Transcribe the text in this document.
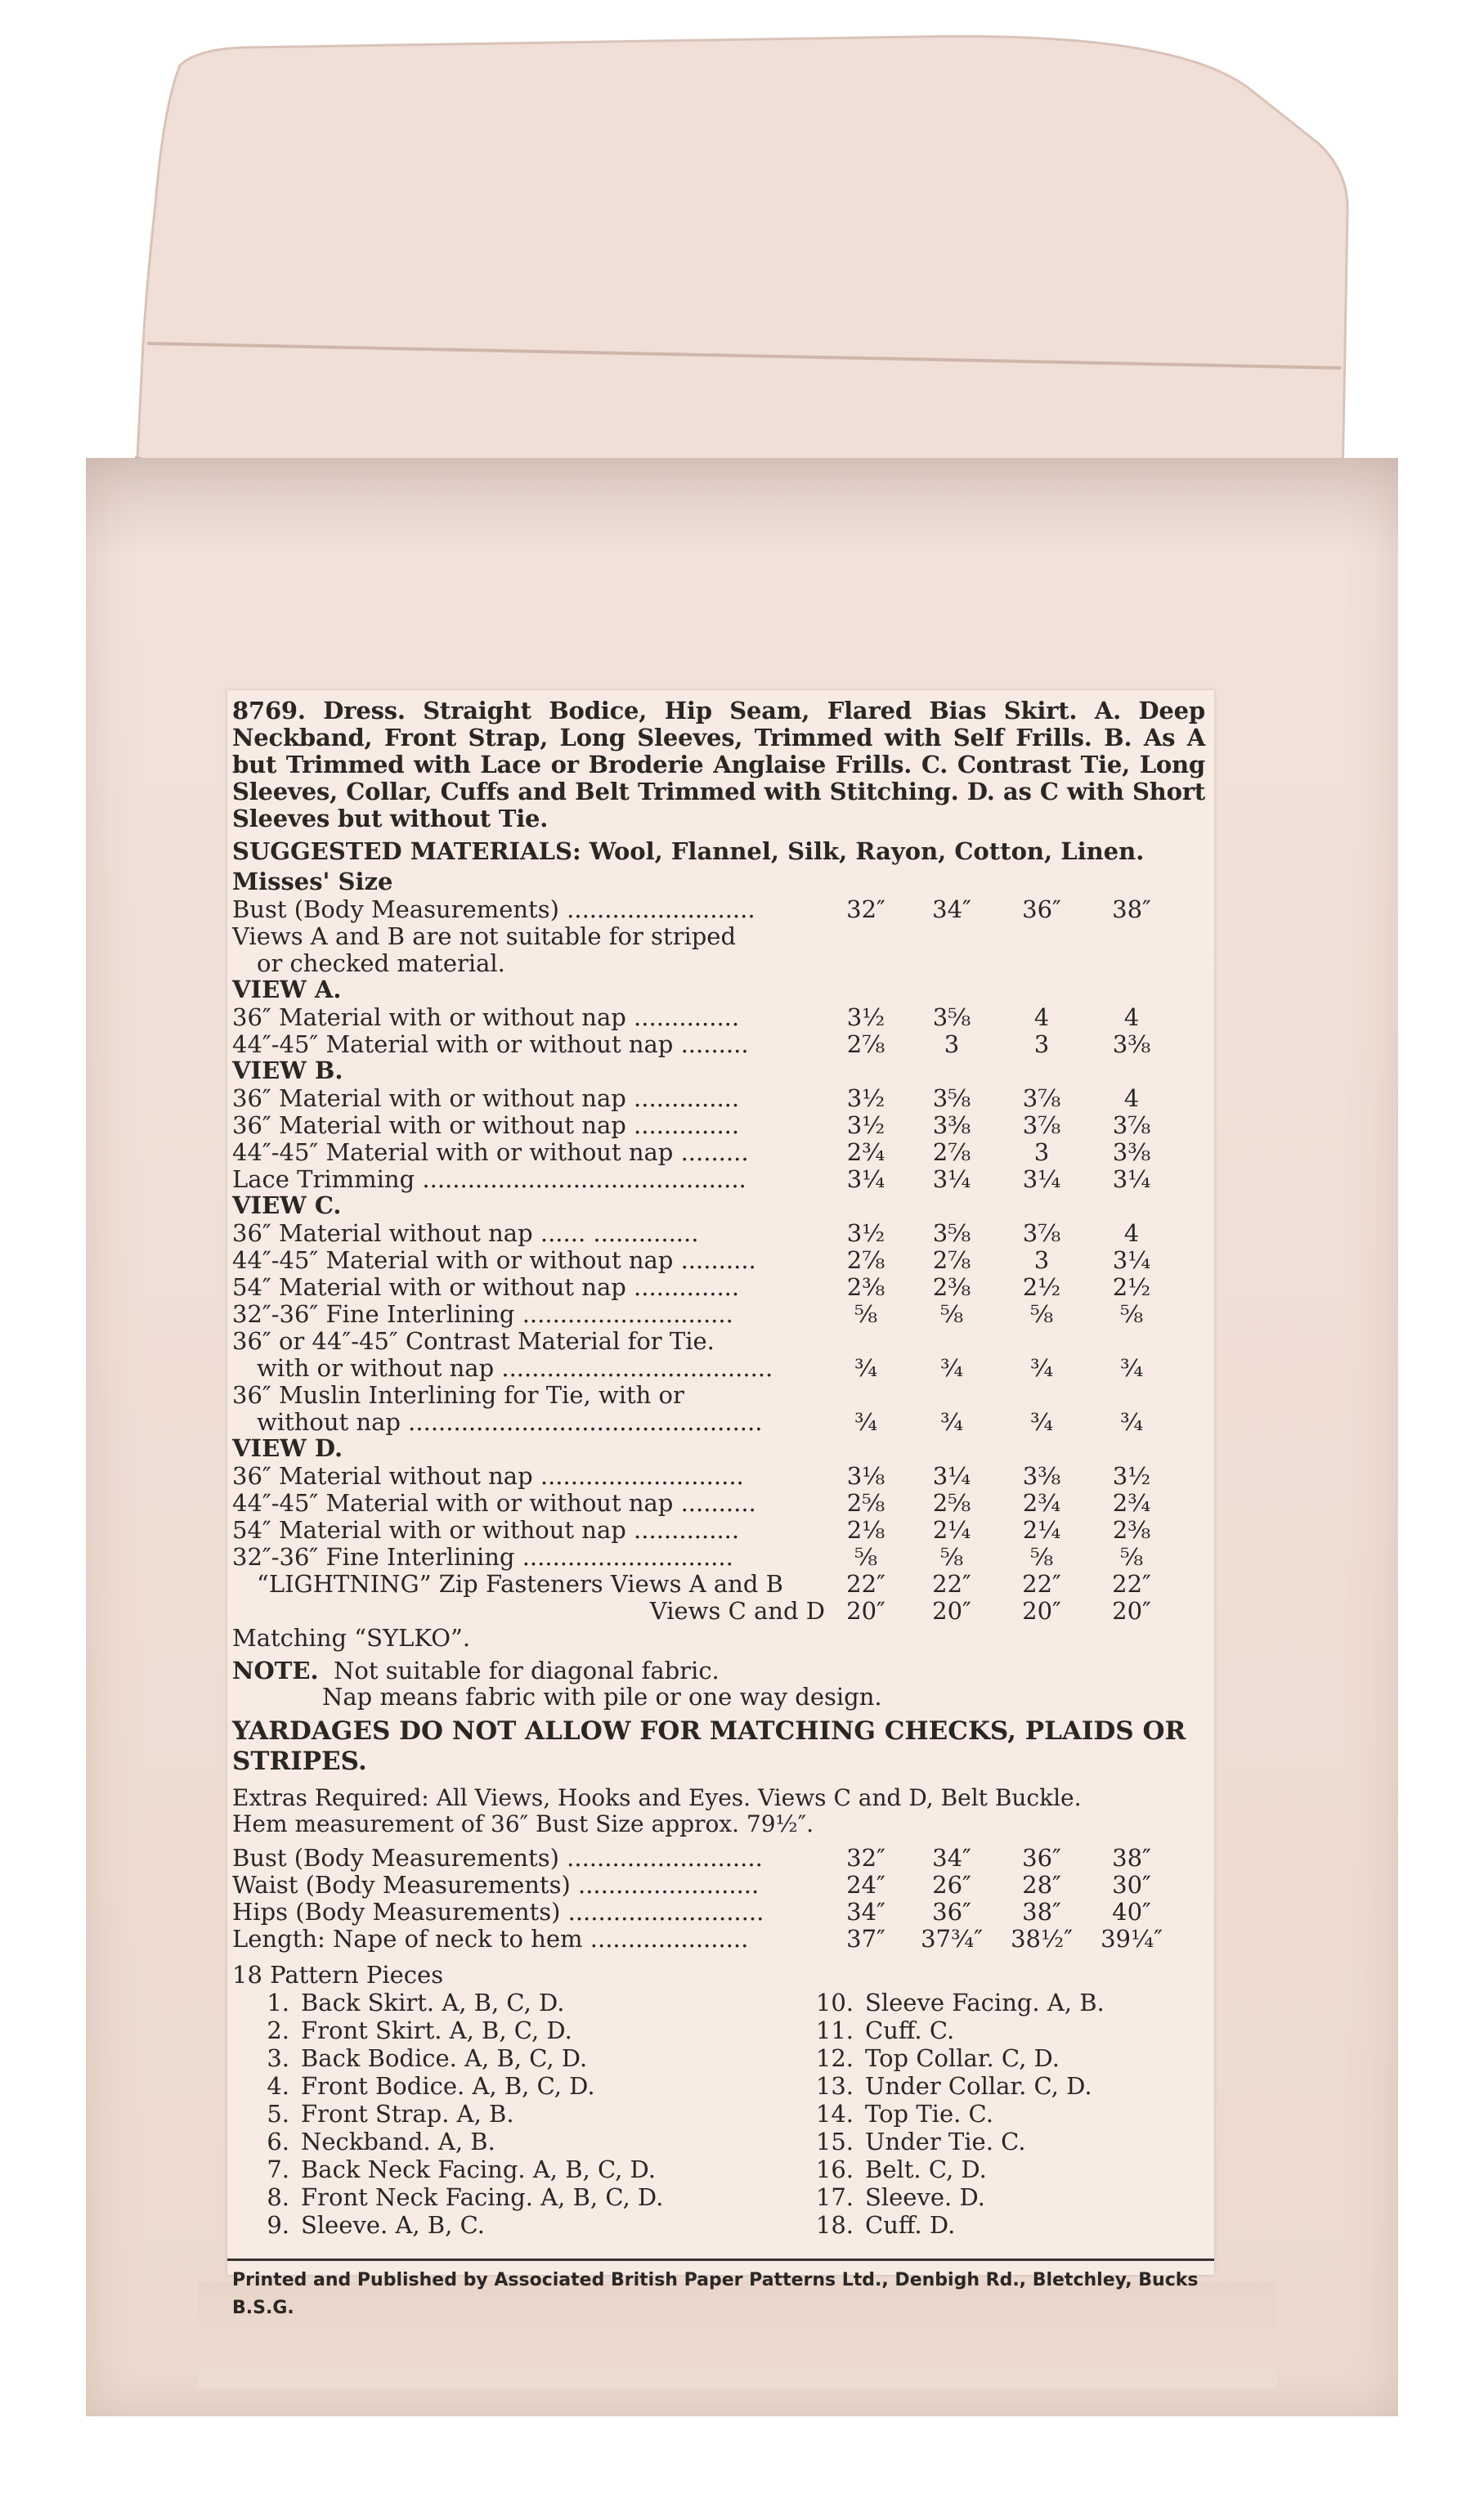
8769. Dress. Straight Bodice, Hip Seam, Flared Bias Skirt. A. Deep Neckband, Front Strap, Long Sleeves, Trimmed with Self Frills. B. As A but Trimmed with Lace or Broderie Anglaise Frills. C. Contrast Tie, Long Sleeves, Collar, Cuffs and Belt Trimmed with Stitching. D. as C with Short Sleeves but without Tie.

SUGGESTED MATERIALS: Wool, Flannel, Silk, Rayon, Cotton, Linen.
Misses' Size
Bust (Body Measurements) .........................	32″	34″	36″	38″
Views A and B are not suitable for striped
or checked material.
VIEW A.
36″ Material with or without nap ..............	3½	3⅝	4	4
44″-45″ Material with or without nap .........	2⅞	3	3	3⅜
VIEW B.
36″ Material with or without nap ..............	3½	3⅝	3⅞	4
36″ Material with or without nap ..............	3½	3⅜	3⅞	3⅞
44″-45″ Material with or without nap .........	2¾	2⅞	3	3⅜
Lace Trimming ...........................................	3¼	3¼	3¼	3¼
VIEW C.
36″ Material without nap ...... ..............	3½	3⅝	3⅞	4
44″-45″ Material with or without nap ..........	2⅞	2⅞	3	3¼
54″ Material with or without nap ..............	2⅜	2⅜	2½	2½
32″-36″ Fine Interlining ............................	⅝	⅝	⅝	⅝
36″ or 44″-45″ Contrast Material for Tie.
with or without nap ....................................	¾	¾	¾	¾
36″ Muslin Interlining for Tie, with or
without nap ...............................................	¾	¾	¾	¾
VIEW D.
36″ Material without nap ...........................	3⅛	3¼	3⅜	3½
44″-45″ Material with or without nap ..........	2⅝	2⅝	2¾	2¾
54″ Material with or without nap ..............	2⅛	2¼	2¼	2⅜
32″-36″ Fine Interlining ............................	⅝	⅝	⅝	⅝
“LIGHTNING” Zip Fasteners Views A and B	22″	22″	22″	22″
Views C and D 20″	20″	20″	20″
Matching “SYLKO”.
NOTE. Not suitable for diagonal fabric.
Nap means fabric with pile or one way design.
YARDAGES DO NOT ALLOW FOR MATCHING CHECKS, PLAIDS OR STRIPES.
Extras Required: All Views, Hooks and Eyes. Views C and D, Belt Buckle.
Hem measurement of 36″ Bust Size approx. 79½″.
Bust (Body Measurements) ..........................	32″	34″	36″	38″
Waist (Body Measurements) ........................	24″	26″	28″	30″
Hips (Body Measurements) ..........................	34″	36″	38″	40″
Length: Nape of neck to hem .....................	37″	37¾″	38½″	39¼″
18 Pattern Pieces
1. Back Skirt. A, B, C, D.
2. Front Skirt. A, B, C, D.
3. Back Bodice. A, B, C, D.
4. Front Bodice. A, B, C, D.
5. Front Strap. A, B.
6. Neckband. A, B.
7. Back Neck Facing. A, B, C, D.
8. Front Neck Facing. A, B, C, D.
9. Sleeve. A, B, C.
10. Sleeve Facing. A, B.
11. Cuff. C.
12. Top Collar. C, D.
13. Under Collar. C, D.
14. Top Tie. C.
15. Under Tie. C.
16. Belt. C, D.
17. Sleeve. D.
18. Cuff. D.
Printed and Published by Associated British Paper Patterns Ltd., Denbigh Rd., Bletchley, Bucks
B.S.G.
